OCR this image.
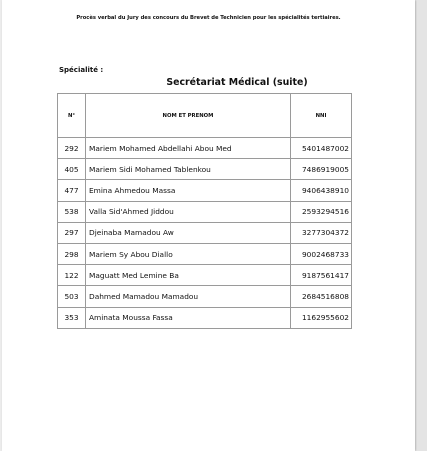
Procès verbal du Jury des concours du Brevet de Technicien pour les spécialités tertiaires.
Spécialité :
Secrétariat Médical (suite)
N°	NOM ET PRENOM	NNI
292	Mariem Mohamed Abdellahi Abou Med	5401487002
405	Mariem Sidi Mohamed Tablenkou	7486919005
477	Emina Ahmedou Massa	9406438910
538	Valla Sid'Ahmed Jiddou	2593294516
297	Djeinaba Mamadou Aw	3277304372
298	Mariem Sy Abou Diallo	9002468733
122	Maguatt Med Lemine Ba	9187561417
503	Dahmed Mamadou Mamadou	2684516808
353	Aminata Moussa Fassa	1162955602
